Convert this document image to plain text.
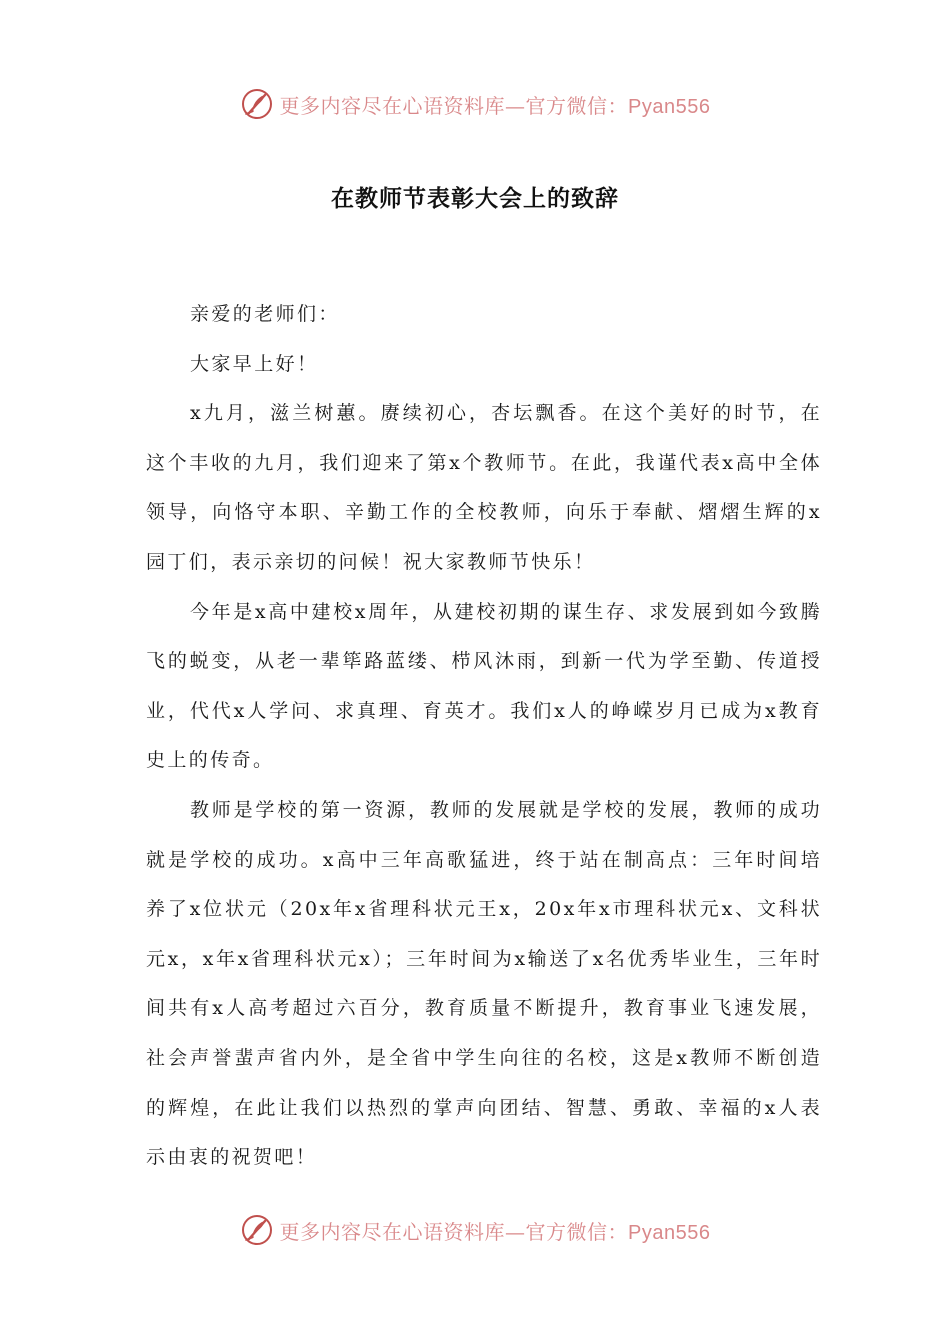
更多内容尽在心语资料库—官方微信：Pyan556
在教师节表彰大会上的致辞

亲爱的老师们：

大家早上好！

x九月，滋兰树蕙。赓续初心，杏坛飘香。在这个美好的时节，在这个丰收的九月，我们迎来了第x个教师节。在此，我谨代表x高中全体领导，向恪守本职、辛勤工作的全校教师，向乐于奉献、熠熠生辉的x园丁们，表示亲切的问候！祝大家教师节快乐！

今年是x高中建校x周年，从建校初期的谋生存、求发展到如今致腾飞的蜕变，从老一辈筚路蓝缕、栉风沐雨，到新一代为学至勤、传道授业，代代x人学问、求真理、育英才。我们x人的峥嵘岁月已成为x教育史上的传奇。

教师是学校的第一资源，教师的发展就是学校的发展，教师的成功就是学校的成功。x高中三年高歌猛进，终于站在制高点：三年时间培养了x位状元（20x年x省理科状元王x，20x年x市理科状元x、文科状元x，x年x省理科状元x）；三年时间为x输送了x名优秀毕业生，三年时间共有x人高考超过六百分，教育质量不断提升，教育事业飞速发展，社会声誉蜚声省内外，是全省中学生向往的名校，这是x教师不断创造的辉煌，在此让我们以热烈的掌声向团结、智慧、勇敢、幸福的x人表示由衷的祝贺吧！

更多内容尽在心语资料库—官方微信：Pyan556
